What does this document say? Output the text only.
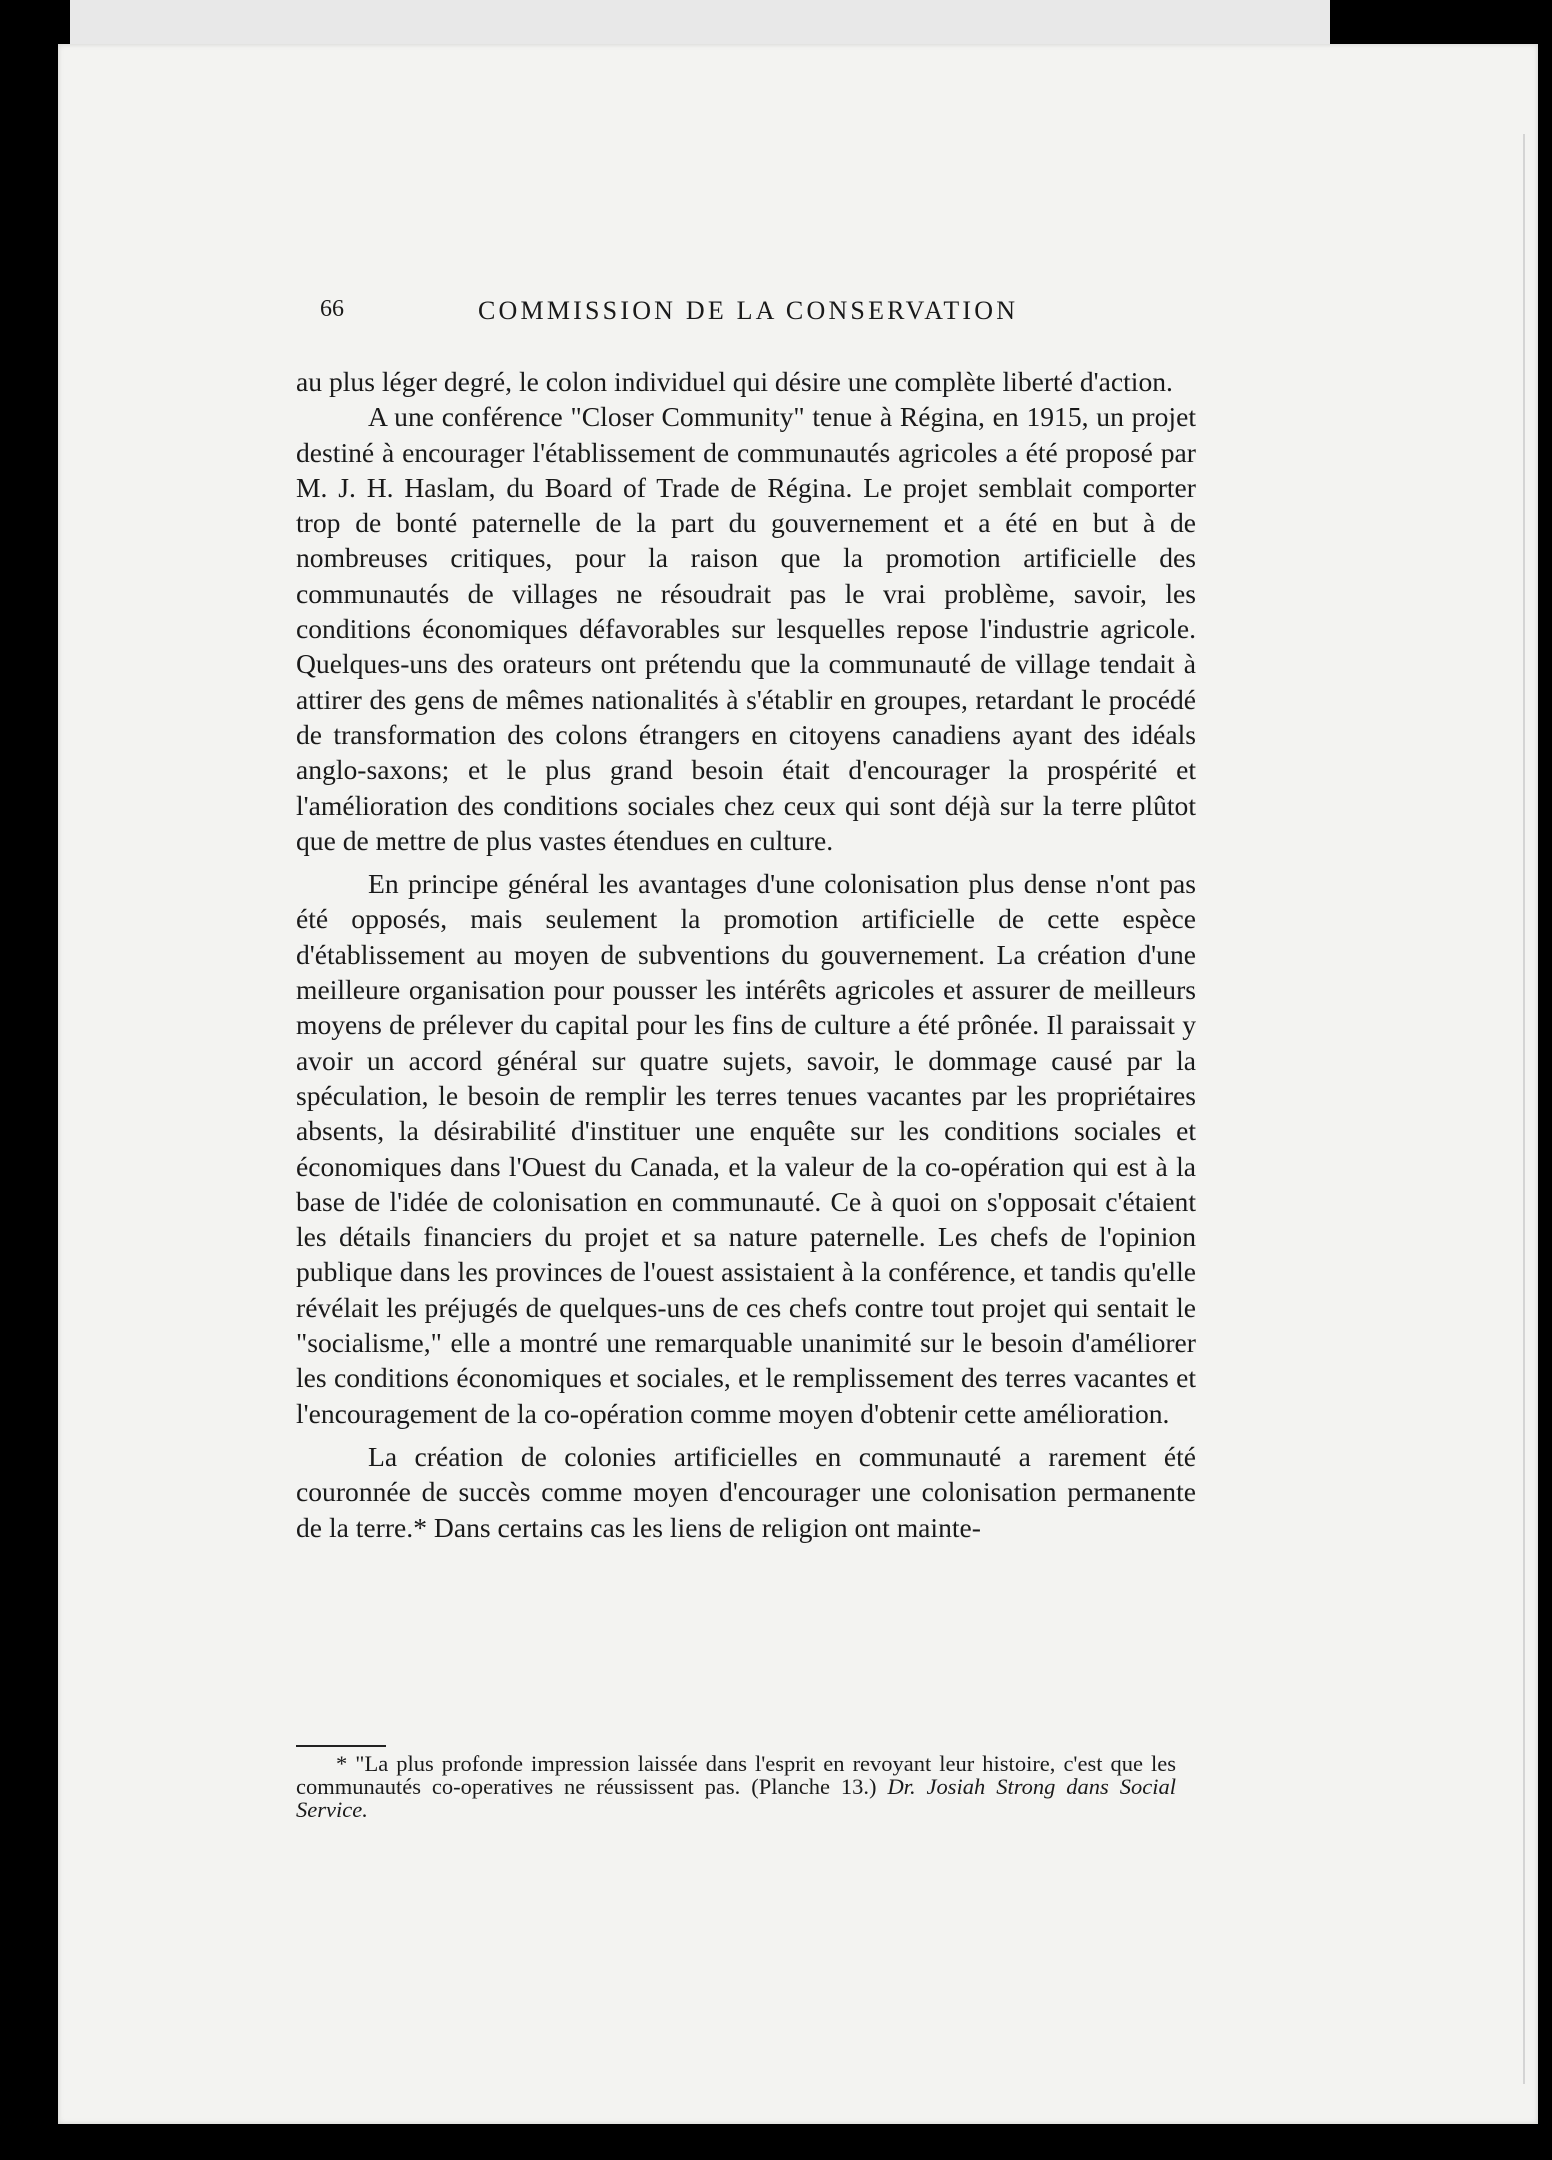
66	COMMISSION DE LA CONSERVATION

au plus léger degré, le colon individuel qui désire une complète liberté d'action.

A une conférence "Closer Community" tenue à Régina, en 1915, un projet destiné à encourager l'établissement de communautés agricoles a été proposé par M. J. H. Haslam, du Board of Trade de Régina. Le projet semblait comporter trop de bonté paternelle de la part du gouvernement et a été en but à de nombreuses critiques, pour la raison que la promotion artificielle des communautés de villages ne résoudrait pas le vrai problème, savoir, les conditions économiques défavorables sur lesquelles repose l'industrie agricole. Quelques-uns des orateurs ont prétendu que la communauté de village tendait à attirer des gens de mêmes nationalités à s'établir en groupes, retardant le procédé de transformation des colons étrangers en citoyens canadiens ayant des idéals anglo-saxons; et le plus grand besoin était d'encourager la prospérité et l'amélioration des conditions sociales chez ceux qui sont déjà sur la terre plûtot que de mettre de plus vastes étendues en culture.

En principe général les avantages d'une colonisation plus dense n'ont pas été opposés, mais seulement la promotion artificielle de cette espèce d'établissement au moyen de subventions du gouvernement. La création d'une meilleure organisation pour pousser les intérêts agricoles et assurer de meilleurs moyens de prélever du capital pour les fins de culture a été prônée. Il paraissait y avoir un accord général sur quatre sujets, savoir, le dommage causé par la spéculation, le besoin de remplir les terres tenues vacantes par les propriétaires absents, la désirabilité d'instituer une enquête sur les conditions sociales et économiques dans l'Ouest du Canada, et la valeur de la co-opération qui est à la base de l'idée de colonisation en communauté. Ce à quoi on s'opposait c'étaient les détails financiers du projet et sa nature paternelle. Les chefs de l'opinion publique dans les provinces de l'ouest assistaient à la conférence, et tandis qu'elle révélait les préjugés de quelques-uns de ces chefs contre tout projet qui sentait le "socialisme," elle a montré une remarquable unanimité sur le besoin d'améliorer les conditions économiques et sociales, et le remplissement des terres vacantes et l'encouragement de la co-opération comme moyen d'obtenir cette amélioration.

La création de colonies artificielles en communauté a rarement été couronnée de succès comme moyen d'encourager une colonisation permanente de la terre.* Dans certains cas les liens de religion ont mainte-

* "La plus profonde impression laissée dans l'esprit en revoyant leur histoire, c'est que les communautés co-operatives ne réussissent pas. (Planche 13.) Dr. Josiah Strong dans Social Service.
